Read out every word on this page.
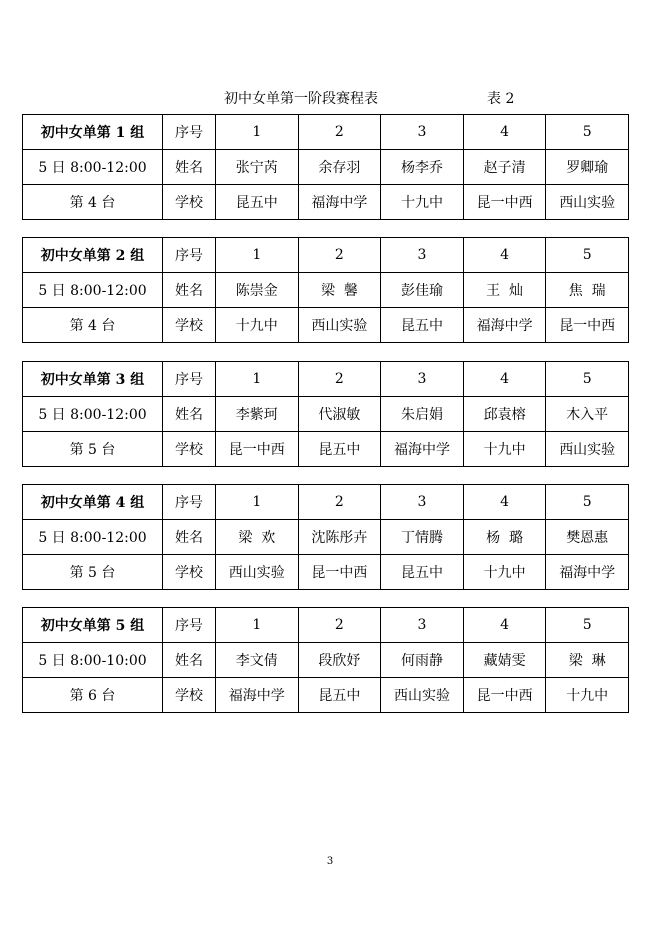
初中女单第一阶段赛程表	表 2
初中女单第 1 组	序号	1	2	3	4	5
5 日 8:00-12:00	姓名	张宁芮	余存羽	杨李乔	赵子清	罗卿瑜
第 4 台	学校	昆五中	福海中学	十九中	昆一中西	西山实验
初中女单第 2 组	序号	1	2	3	4	5
5 日 8:00-12:00	姓名	陈崇金	梁  馨	彭佳瑜	王  灿	焦  瑞
第 4 台	学校	十九中	西山实验	昆五中	福海中学	昆一中西
初中女单第 3 组	序号	1	2	3	4	5
5 日 8:00-12:00	姓名	李紫珂	代淑敏	朱启娟	邱袁榕	木入平
第 5 台	学校	昆一中西	昆五中	福海中学	十九中	西山实验
初中女单第 4 组	序号	1	2	3	4	5
5 日 8:00-12:00	姓名	梁  欢	沈陈彤卉	丁情腾	杨  璐	樊恩惠
第 5 台	学校	西山实验	昆一中西	昆五中	十九中	福海中学
初中女单第 5 组	序号	1	2	3	4	5
5 日 8:00-10:00	姓名	李文倩	段欣妤	何雨静	藏婧雯	梁  琳
第 6 台	学校	福海中学	昆五中	西山实验	昆一中西	十九中
3
